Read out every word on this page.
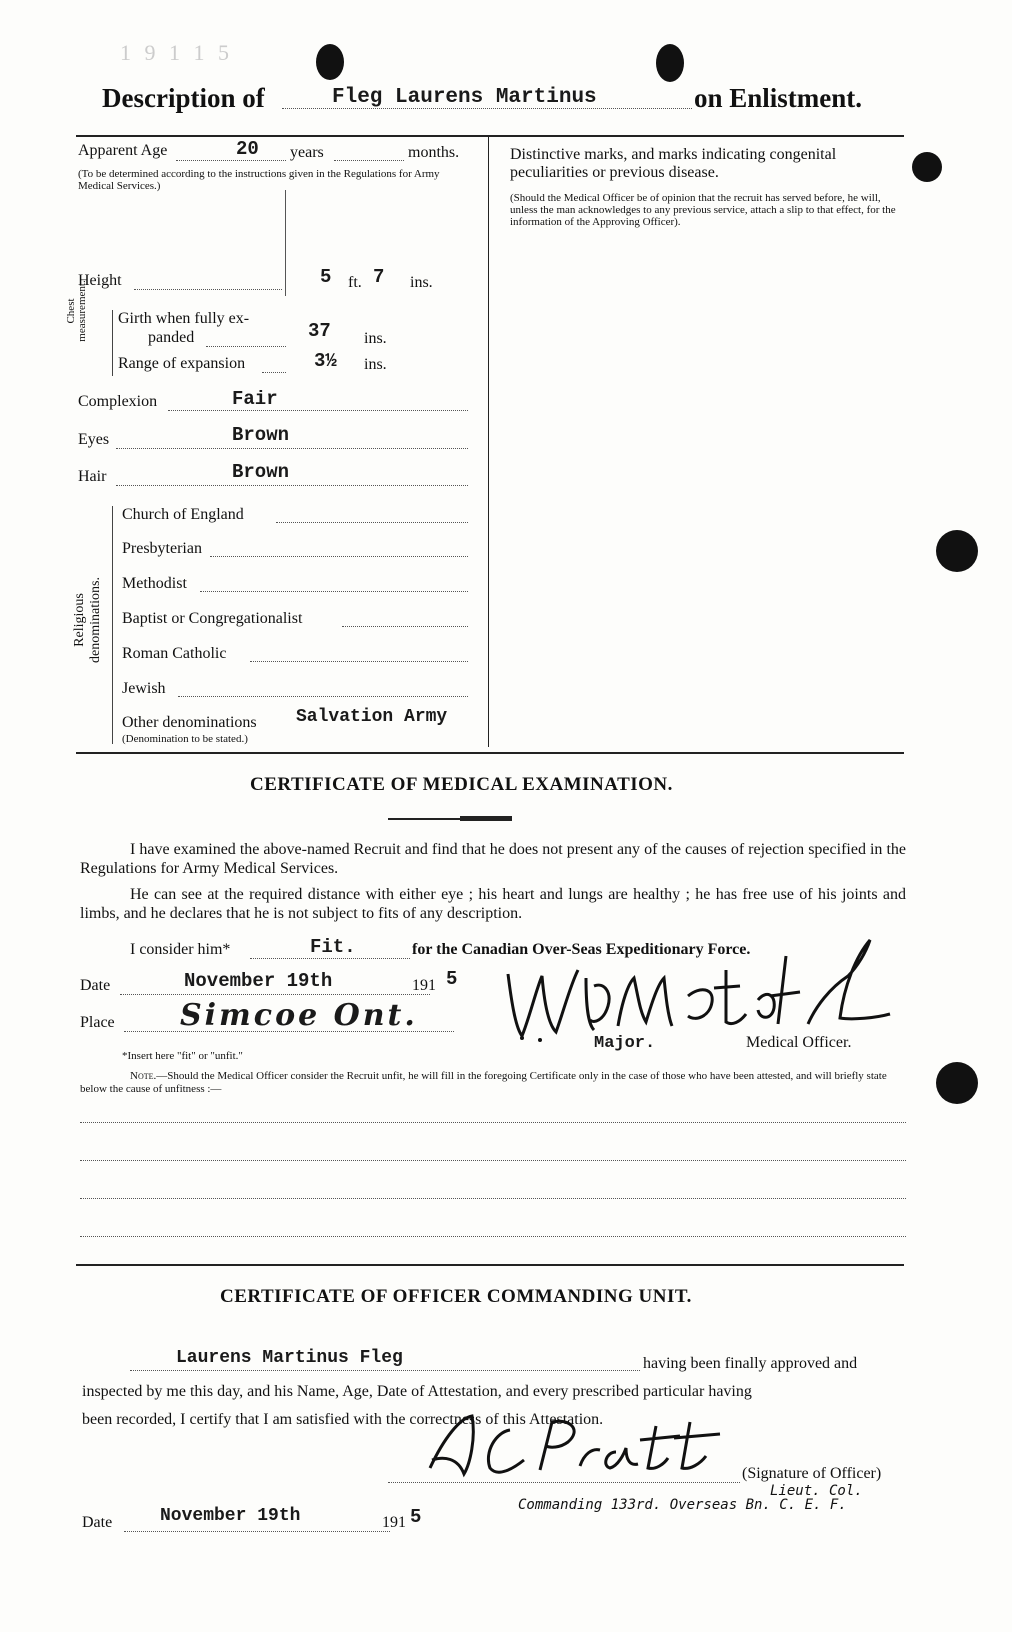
1 9 1 1 5
Description of	Fleg Laurens Martinus	on Enlistment.
Apparent Age	20 years	months.
(To be determined according to the instructions given in the Regulations for Army Medical Services.)
Height	5 ft. 7 ins.
Chest measurement. Girth when fully ex-
panded	37 ins.
Range of expansion	3½ ins.
Complexion	Fair
Eyes	Brown
Hair	Brown
Religious denominations.
Church of England
Presbyterian
Methodist
Baptist or Congregationalist
Roman Catholic
Jewish
Other denominations Salvation Army
(Denomination to be stated.)
Distinctive marks, and marks indicating congenital peculiarities or previous disease.
(Should the Medical Officer be of opinion that the recruit has served before, he will, unless the man acknowledges to any previous service, attach a slip to that effect, for the information of the Approving Officer).
CERTIFICATE OF MEDICAL EXAMINATION.
I have examined the above-named Recruit and find that he does not present any of the causes of rejection specified in the Regulations for Army Medical Services.
He can see at the required distance with either eye ; his heart and lungs are healthy ; he has free use of his joints and limbs, and he declares that he is not subject to fits of any description.
I consider him*	Fit.	for the Canadian Over-Seas Expeditionary Force.
Date	November 19th	191 5
Place Simcoe Ont.
*Insert here "fit" or "unfit."
Major.	Medical Officer.
Note.—Should the Medical Officer consider the Recruit unfit, he will fill in the foregoing Certificate only in the case of those who have been attested, and will briefly state below the cause of unfitness :—
CERTIFICATE OF OFFICER COMMANDING UNIT.
Laurens Martinus Fleg	having been finally approved and
inspected by me this day, and his Name, Age, Date of Attestation, and every prescribed particular having
been recorded, I certify that I am satisfied with the correctness of this Attestation.
(Signature of Officer)
Lieut. Col.
Commanding 133rd. Overseas Bn. C. E. F.
Date	November 19th	191 5
